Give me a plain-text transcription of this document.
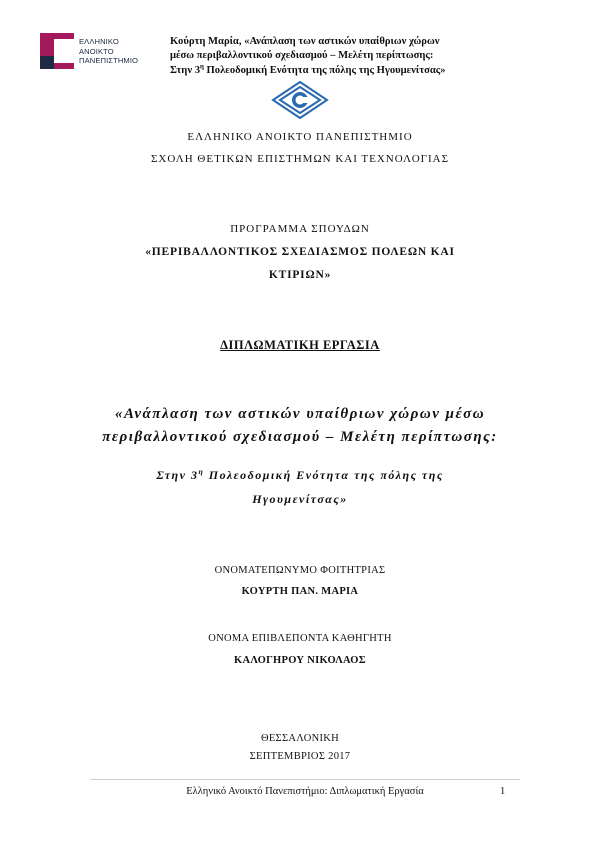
ΕΛΛΗΝΙΚΟ
ΑΝΟΙΚΤΟ
ΠΑΝΕΠΙΣΤΗΜΙΟ
Κούρτη Μαρία, «Ανάπλαση των αστικών υπαίθριων χώρων
μέσω περιβαλλοντικού σχεδιασμού – Μελέτη περίπτωσης:
Στην $3^\eta$ Πολεοδομική Ενότητα της πόλης της Ηγουμενίτσας»
ΕΛΛΗΝΙΚΟ ΑΝΟΙΚΤΟ ΠΑΝΕΠΙΣΤΗΜΙΟ
ΣΧΟΛΗ ΘΕΤΙΚΩΝ ΕΠΙΣΤΗΜΩΝ ΚΑΙ ΤΕΧΝΟΛΟΓΙΑΣ
ΠΡΟΓΡΑΜΜΑ ΣΠΟΥΔΩΝ
«ΠΕΡΙΒΑΛΛΟΝΤΙΚΟΣ ΣΧΕΔΙΑΣΜΟΣ ΠΟΛΕΩΝ ΚΑΙ
ΚΤΙΡΙΩΝ»
ΔΙΠΛΩΜΑΤΙΚΗ ΕΡΓΑΣΙΑ
«Ανάπλαση των αστικών υπαίθριων χώρων μέσω
περιβαλλοντικού σχεδιασμού – Μελέτη περίπτωσης:
Στην $3^\eta$ Πολεοδομική Ενότητα της πόλης της
Ηγουμενίτσας»
ΟΝΟΜΑΤΕΠΩΝΥΜΟ ΦΟΙΤΗΤΡΙΑΣ
ΚΟΥΡΤΗ ΠΑΝ. ΜΑΡΙΑ
ΟΝΟΜΑ ΕΠΙΒΛΕΠΟΝΤΑ ΚΑΘΗΓΗΤΗ
ΚΑΛΟΓΗΡΟΥ ΝΙΚΟΛΑΟΣ
ΘΕΣΣΑΛΟΝΙΚΗ
ΣΕΠΤΕΜΒΡΙΟΣ 2017
Ελληνικό Ανοικτό Πανεπιστήμιο: Διπλωματική Εργασία	1
